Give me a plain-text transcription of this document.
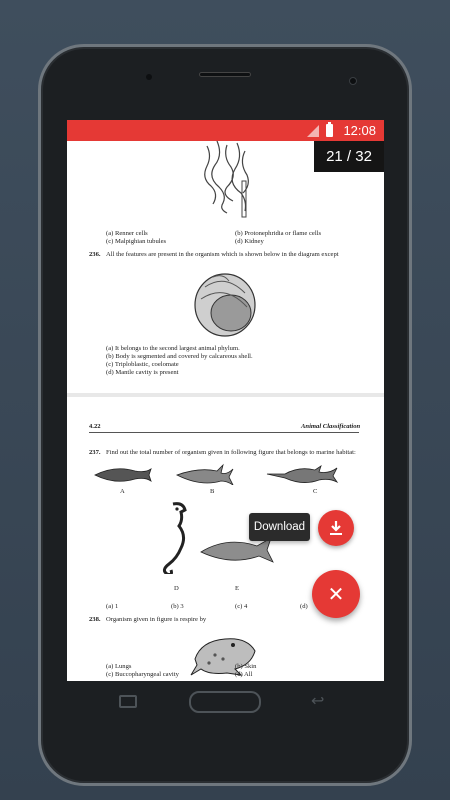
12:08
(a) Renner cells	(b) Protonephridia or flame cells
(c) Malpighian tubules	(d) Kidney
236. All the features are present in the organism which is shown below in the diagram except
(a) It belongs to the second largest animal phylum.
(b) Body is segmented and covered by calcareous shell.
(c) Triploblastic, coelomate
(d) Mantle cavity is present
4.22	Animal Classification
237. Find out the total number of organism given in following figure that belongs to marine habitat:
A	B	C
D	E
(a) 1	(b) 3	(c) 4	(d)
238. Organism given in figure is respire by
(a) Lungs	(b) Skin
(c) Buccopharyngeal cavity	(d) All
21 / 32
Download
✕
↩
